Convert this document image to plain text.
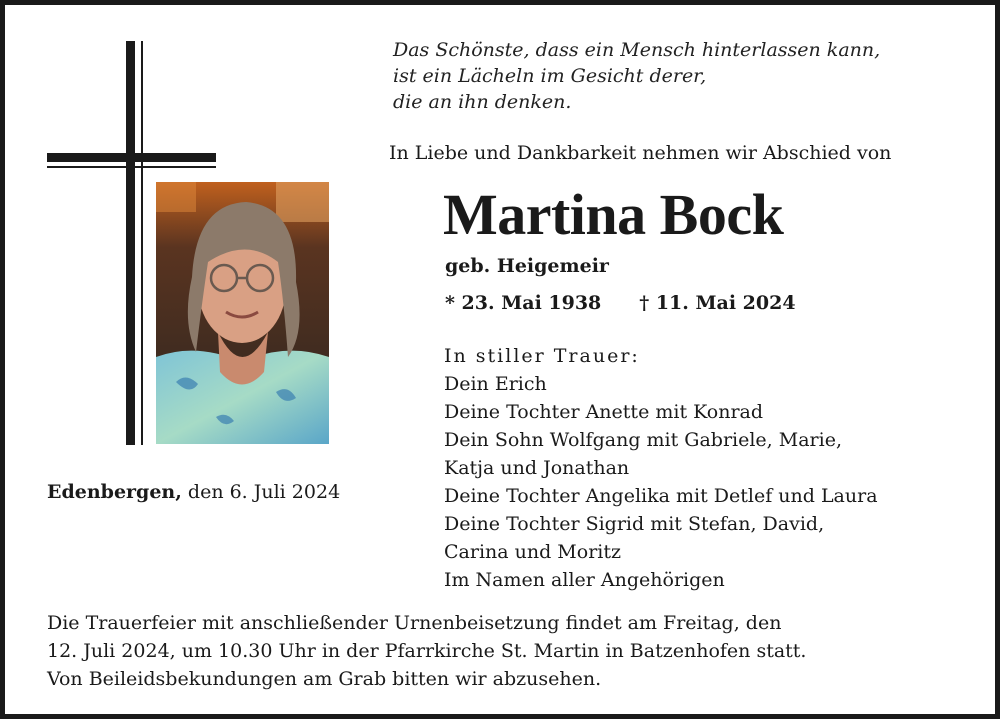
Das Schönste, dass ein Mensch hinterlassen kann,
ist ein Lächeln im Gesicht derer,
die an ihn denken.
In Liebe und Dankbarkeit nehmen wir Abschied von
Martina Bock
geb. Heigemeir
* 23. Mai 1938 † 11. Mai 2024
In stiller Trauer:
Dein Erich
Deine Tochter Anette mit Konrad
Dein Sohn Wolfgang mit Gabriele, Marie,
Katja und Jonathan
Deine Tochter Angelika mit Detlef und Laura
Deine Tochter Sigrid mit Stefan, David,
Carina und Moritz
Im Namen aller Angehörigen
Edenbergen, den 6. Juli 2024
Die Trauerfeier mit anschließender Urnenbeisetzung findet am Freitag, den
12. Juli 2024, um 10.30 Uhr in der Pfarrkirche St. Martin in Batzenhofen statt.
Von Beileidsbekundungen am Grab bitten wir abzusehen.
